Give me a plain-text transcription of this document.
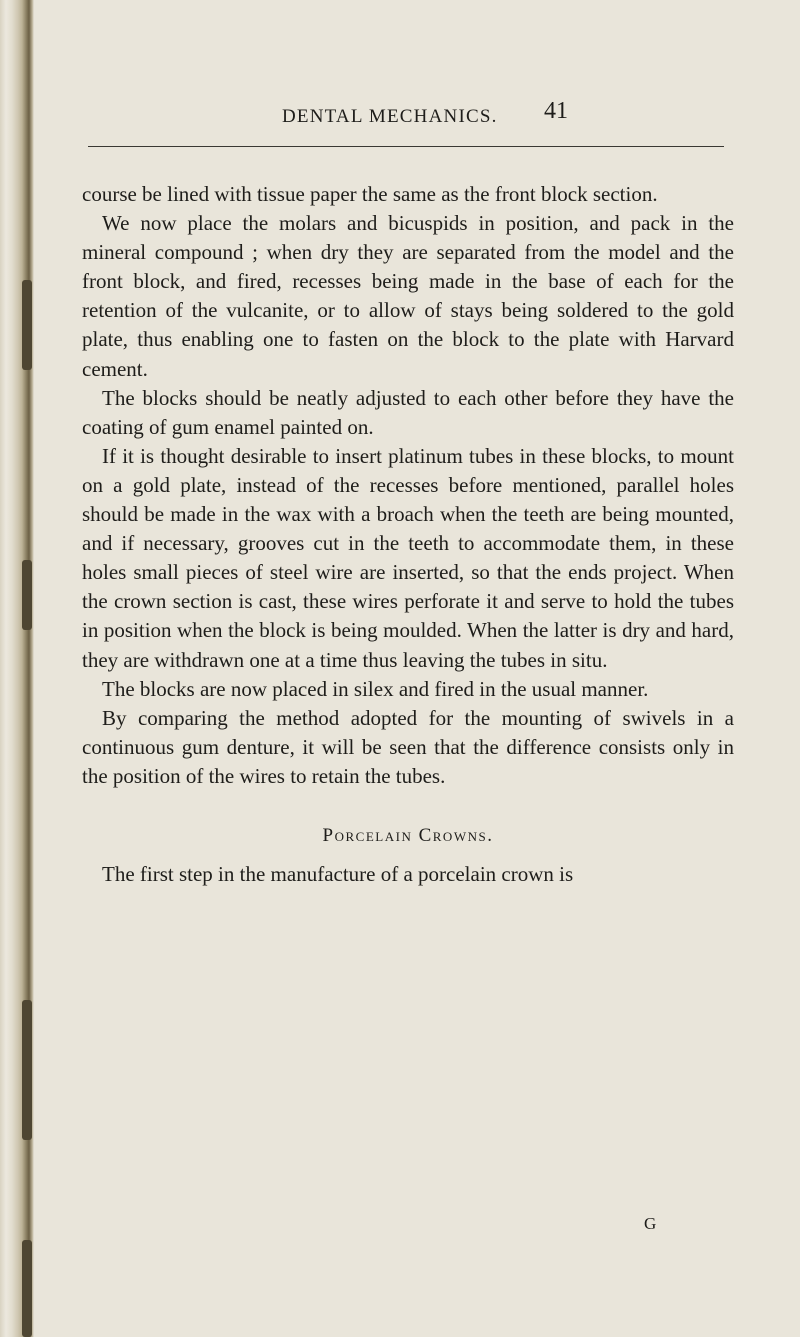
DENTAL MECHANICS. 41

course be lined with tissue paper the same as the front block section.

We now place the molars and bicuspids in position, and pack in the mineral compound ; when dry they are separated from the model and the front block, and fired, recesses being made in the base of each for the retention of the vulcanite, or to allow of stays being soldered to the gold plate, thus enabling one to fasten on the block to the plate with Harvard cement.

The blocks should be neatly adjusted to each other before they have the coating of gum enamel painted on.

If it is thought desirable to insert platinum tubes in these blocks, to mount on a gold plate, instead of the recesses before mentioned, parallel holes should be made in the wax with a broach when the teeth are being mounted, and if necessary, grooves cut in the teeth to accommodate them, in these holes small pieces of steel wire are inserted, so that the ends project. When the crown section is cast, these wires perforate it and serve to hold the tubes in position when the block is being moulded. When the latter is dry and hard, they are withdrawn one at a time thus leaving the tubes in situ.

The blocks are now placed in silex and fired in the usual manner.

By comparing the method adopted for the mounting of swivels in a continuous gum denture, it will be seen that the difference consists only in the position of the wires to retain the tubes.

Porcelain Crowns.

The first step in the manufacture of a porcelain crown is

G
